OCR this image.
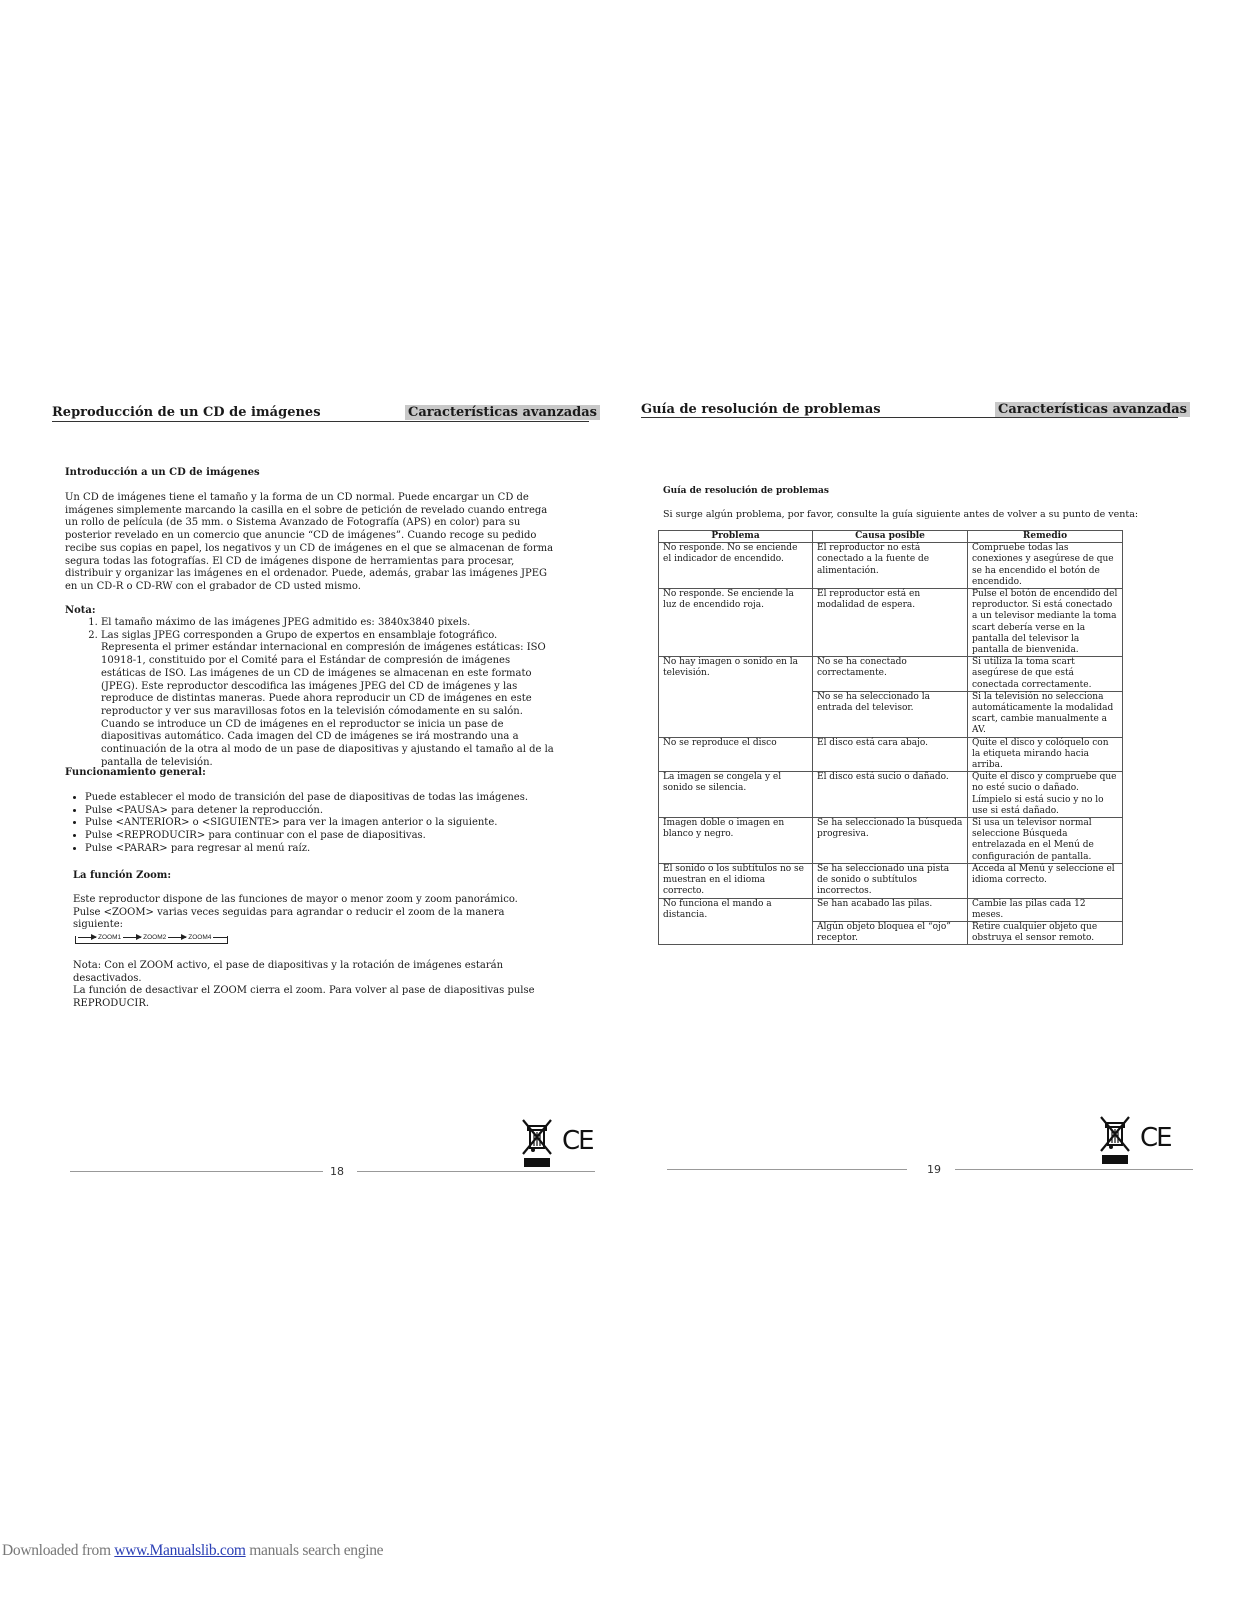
Reproducción de un CD de imágenes	Características avanzadas
Introducción a un CD de imágenes
Un CD de imágenes tiene el tamaño y la forma de un CD normal. Puede encargar un CD de imágenes simplemente marcando la casilla en el sobre de petición de revelado cuando entrega un rollo de película (de 35 mm. o Sistema Avanzado de Fotografía (APS) en color) para su posterior revelado en un comercio que anuncie “CD de imágenes”. Cuando recoge su pedido recibe sus copias en papel, los negativos y un CD de imágenes en el que se almacenan de forma segura todas las fotografías. El CD de imágenes dispone de herramientas para procesar, distribuir y organizar las imágenes en el ordenador. Puede, además, grabar las imágenes JPEG en un CD-R o CD-RW con el grabador de CD usted mismo.
Nota:
1. El tamaño máximo de las imágenes JPEG admitido es: 3840x3840 pixels.
2. Las siglas JPEG corresponden a Grupo de expertos en ensamblaje fotográfico. Representa el primer estándar internacional en compresión de imágenes estáticas: ISO 10918-1, constituido por el Comité para el Estándar de compresión de imágenes estáticas de ISO. Las imágenes de un CD de imágenes se almacenan en este formato (JPEG). Este reproductor descodifica las imágenes JPEG del CD de imágenes y las reproduce de distintas maneras. Puede ahora reproducir un CD de imágenes en este reproductor y ver sus maravillosas fotos en la televisión cómodamente en su salón. Cuando se introduce un CD de imágenes en el reproductor se inicia un pase de diapositivas automático. Cada imagen del CD de imágenes se irá mostrando una a continuación de la otra al modo de un pase de diapositivas y ajustando el tamaño al de la pantalla de televisión.
Funcionamiento general:
• Puede establecer el modo de transición del pase de diapositivas de todas las imágenes.
• Pulse <PAUSA> para detener la reproducción.
• Pulse <ANTERIOR> o <SIGUIENTE> para ver la imagen anterior o la siguiente.
• Pulse <REPRODUCIR> para continuar con el pase de diapositivas.
• Pulse <PARAR> para regresar al menú raíz.
La función Zoom:
Este reproductor dispone de las funciones de mayor o menor zoom y zoom panorámico. Pulse <ZOOM> varias veces seguidas para agrandar o reducir el zoom de la manera siguiente:
ZOOM1	ZOOM2	ZOOM4
Nota: Con el ZOOM activo, el pase de diapositivas y la rotación de imágenes estarán desactivados.
La función de desactivar el ZOOM cierra el zoom. Para volver al pase de diapositivas pulse REPRODUCIR.
CE
18
Guía de resolución de problemas	Características avanzadas
Guía de resolución de problemas
Si surge algún problema, por favor, consulte la guía siguiente antes de volver a su punto de venta:
Problema	Causa posible	Remedio
No responde. No se enciende el indicador de encendido.	El reproductor no está conectado a la fuente de alimentación.	Compruebe todas las conexiones y asegúrese de que se ha encendido el botón de encendido.
No responde. Se enciende la luz de encendido roja.	El reproductor está en modalidad de espera.	Pulse el botón de encendido del reproductor. Si está conectado a un televisor mediante la toma scart debería verse en la pantalla del televisor la pantalla de bienvenida.
No hay imagen o sonido en la televisión.	No se ha conectado correctamente.	Si utiliza la toma scart asegúrese de que está conectada correctamente.
	No se ha seleccionado la entrada del televisor.	Si la televisión no selecciona automáticamente la modalidad scart, cambie manualmente a AV.
No se reproduce el disco	El disco está cara abajo.	Quite el disco y colóquelo con la etiqueta mirando hacia arriba.
La imagen se congela y el sonido se silencia.	El disco está sucio o dañado.	Quite el disco y compruebe que no esté sucio o dañado. Límpielo si está sucio y no lo use si está dañado.
Imagen doble o imagen en blanco y negro.	Se ha seleccionado la búsqueda progresiva.	Si usa un televisor normal seleccione Búsqueda entrelazada en el Menú de configuración de pantalla.
El sonido o los subtítulos no se muestran en el idioma correcto.	Se ha seleccionado una pista de sonido o subtítulos incorrectos.	Acceda al Menú y seleccione el idioma correcto.
No funciona el mando a distancia.	Se han acabado las pilas.	Cambie las pilas cada 12 meses.
	Algún objeto bloquea el “ojo” receptor.	Retire cualquier objeto que obstruya el sensor remoto.
CE
19
Downloaded from www.Manualslib.com manuals search engine
